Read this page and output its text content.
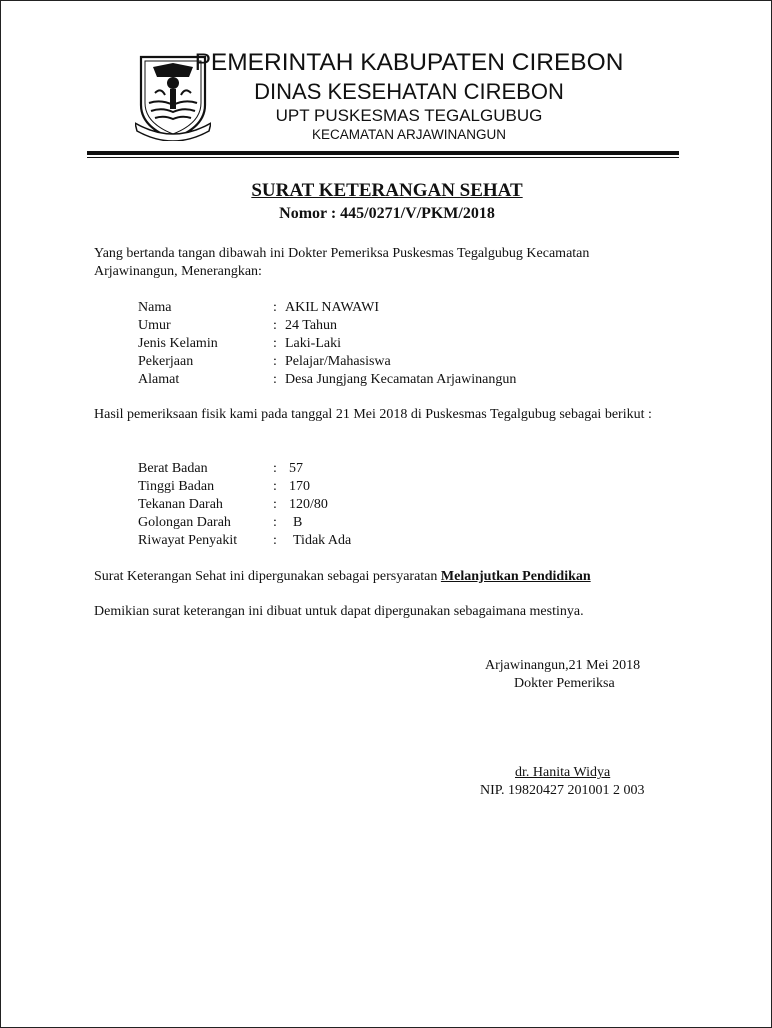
PEMERINTAH KABUPATEN CIREBON
DINAS KESEHATAN CIREBON
UPT PUSKESMAS TEGALGUBUG
KECAMATAN ARJAWINANGUN
SURAT KETERANGAN SEHAT
Nomor : 445/0271/V/PKM/2018
Yang bertanda tangan dibawah ini Dokter Pemeriksa Puskesmas Tegalgubug Kecamatan Arjawinangun, Menerangkan:
Nama	: AKIL NAWAWI
Umur	: 24 Tahun
Jenis Kelamin	: Laki-Laki
Pekerjaan	: Pelajar/Mahasiswa
Alamat	: Desa Jungjang Kecamatan Arjawinangun
Hasil pemeriksaan fisik kami pada tanggal 21 Mei 2018 di Puskesmas Tegalgubug sebagai berikut :
Berat Badan	: 57
Tinggi Badan	: 170
Tekanan Darah	: 120/80
Golongan Darah	: B
Riwayat Penyakit	: Tidak Ada
Surat Keterangan Sehat ini dipergunakan sebagai persyaratan Melanjutkan Pendidikan
Demikian surat keterangan ini dibuat untuk dapat dipergunakan sebagaimana mestinya.
Arjawinangun,21 Mei 2018
Dokter Pemeriksa
dr. Hanita Widya
NIP. 19820427 201001 2 003
